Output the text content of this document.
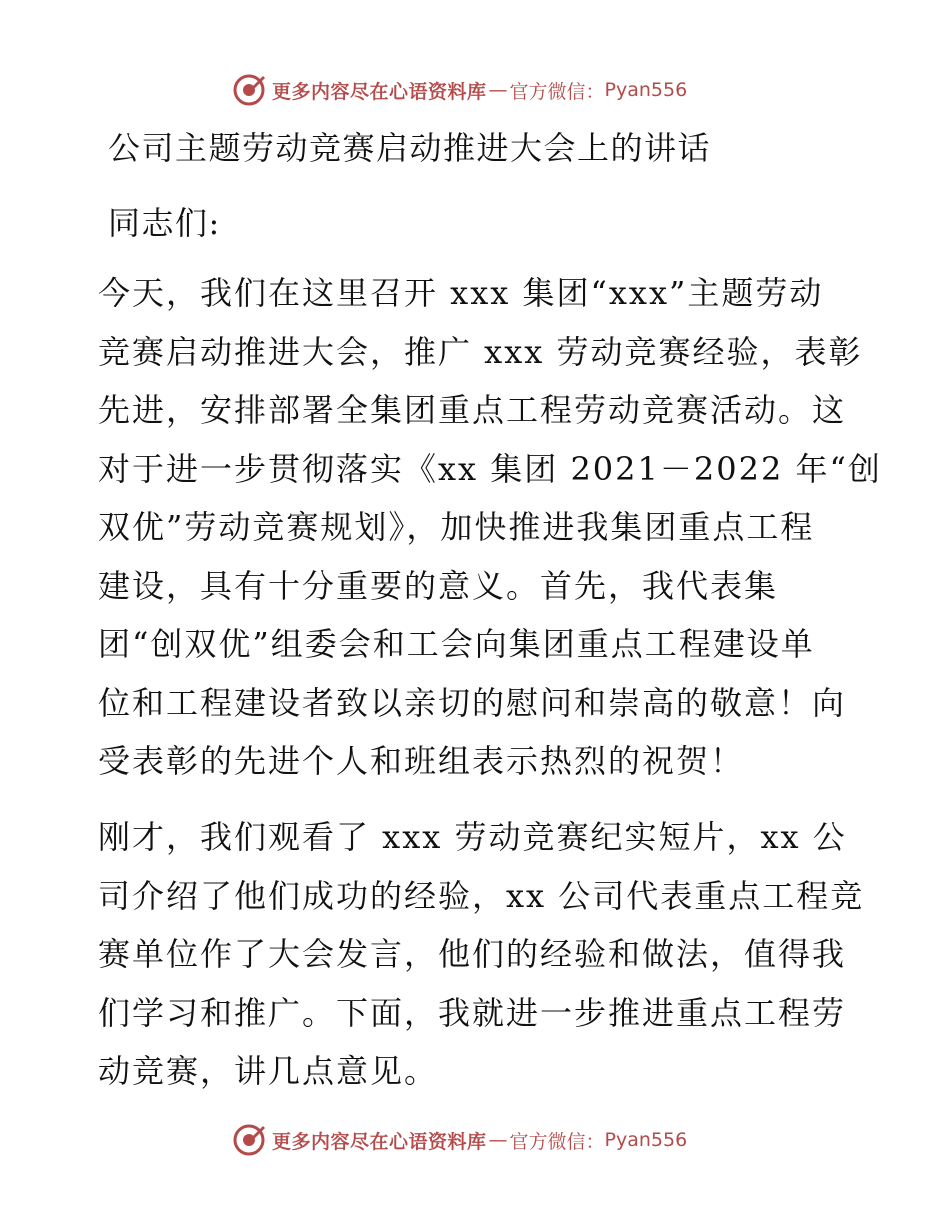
更多内容尽在心语资料库 — 官方微信： Pyan556
公司主题劳动竞赛启动推进大会上的讲话
同志们:
今天，我们在这里召开 xxx 集团“xxx”主题劳动
竞赛启动推进大会，推广 xxx 劳动竞赛经验，表彰
先进，安排部署全集团重点工程劳动竞赛活动。这
对于进一步贯彻落实《xx 集团 2021－2022 年“创
双优”劳动竞赛规划》，加快推进我集团重点工程
建设，具有十分重要的意义。首先，我代表集
团“创双优”组委会和工会向集团重点工程建设单
位和工程建设者致以亲切的慰问和崇高的敬意！向
受表彰的先进个人和班组表示热烈的祝贺！
刚才，我们观看了 xxx 劳动竞赛纪实短片，xx 公
司介绍了他们成功的经验，xx 公司代表重点工程竞
赛单位作了大会发言，他们的经验和做法，值得我
们学习和推广。下面，我就进一步推进重点工程劳
动竞赛，讲几点意见。
更多内容尽在心语资料库 — 官方微信： Pyan556
